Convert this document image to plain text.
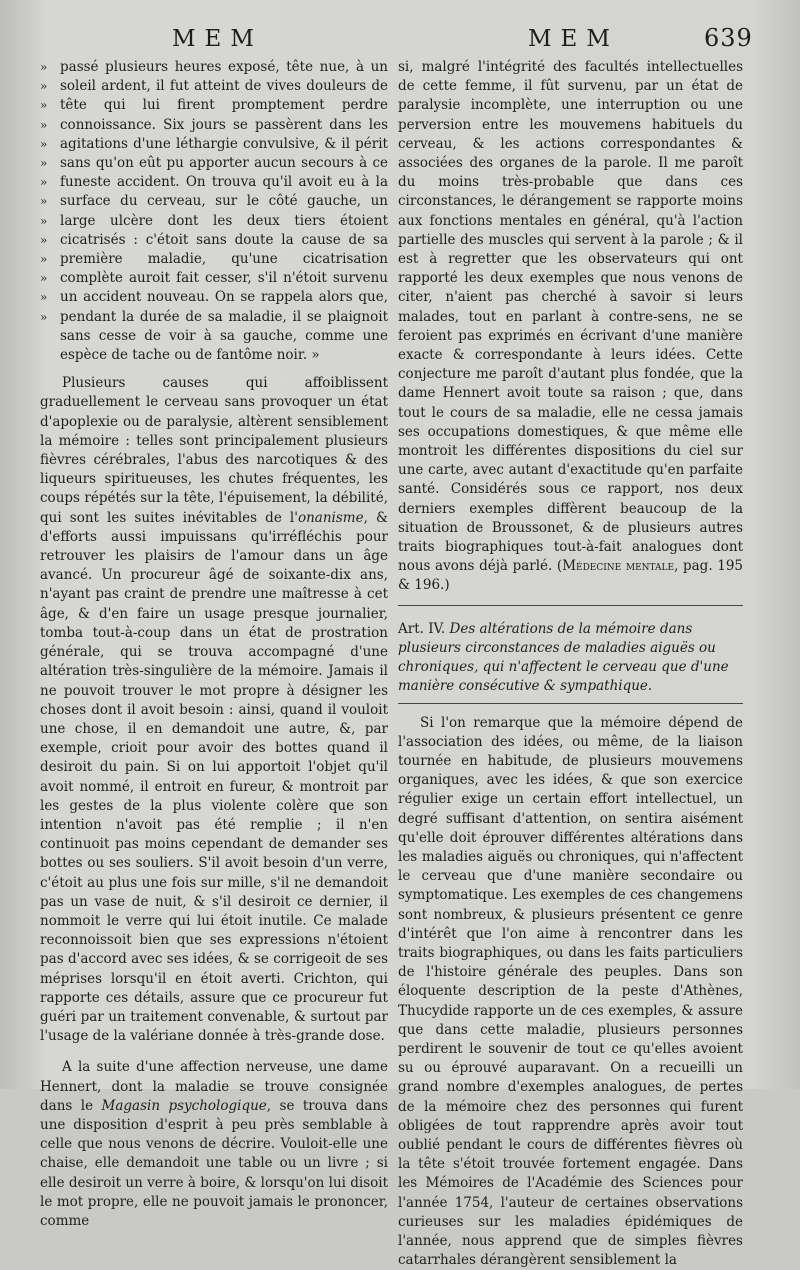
MEM	MEM	639

»
»
»
»
»
»
»
»
»
»
»
»
»
»
passé plusieurs heures exposé, tête nue, à un soleil ardent, il fut atteint de vives douleurs de tête qui lui firent promptement perdre connoissance. Six jours se passèrent dans les agitations d'une léthargie convulsive, & il périt sans qu'on eût pu apporter aucun secours à ce funeste accident. On trouva qu'il avoit eu à la surface du cerveau, sur le côté gauche, un large ulcère dont les deux tiers étoient cicatrisés : c'étoit sans doute la cause de sa première maladie, qu'une cicatrisation complète auroit fait cesser, s'il n'étoit survenu un accident nouveau. On se rappela alors que, pendant la durée de sa maladie, il se plaignoit sans cesse de voir à sa gauche, comme une espèce de tache ou de fantôme noir. »

Plusieurs causes qui affoiblissent graduellement le cerveau sans provoquer un état d'apoplexie ou de paralysie, altèrent sensiblement la mémoire : telles sont principalement plusieurs fièvres cérébrales, l'abus des narcotiques & des liqueurs spiritueuses, les chutes fréquentes, les coups répétés sur la tête, l'épuisement, la débilité, qui sont les suites inévitables de l'onanisme, & d'efforts aussi impuissans qu'irréfléchis pour retrouver les plaisirs de l'amour dans un âge avancé. Un procureur âgé de soixante-dix ans, n'ayant pas craint de prendre une maîtresse à cet âge, & d'en faire un usage presque journalier, tomba tout-à-coup dans un état de prostration générale, qui se trouva accompagné d'une altération très-singulière de la mémoire. Jamais il ne pouvoit trouver le mot propre à désigner les choses dont il avoit besoin : ainsi, quand il vouloit une chose, il en demandoit une autre, &, par exemple, crioit pour avoir des bottes quand il desiroit du pain. Si on lui apportoit l'objet qu'il avoit nommé, il entroit en fureur, & montroit par les gestes de la plus violente colère que son intention n'avoit pas été remplie ; il n'en continuoit pas moins cependant de demander ses bottes ou ses souliers. S'il avoit besoin d'un verre, c'étoit au plus une fois sur mille, s'il ne demandoit pas un vase de nuit, & s'il desiroit ce dernier, il nommoit le verre qui lui étoit inutile. Ce malade reconnoissoit bien que ses expressions n'étoient pas d'accord avec ses idées, & se corrigeoit de ses méprises lorsqu'il en étoit averti. Crichton, qui rapporte ces détails, assure que ce procureur fut guéri par un traitement convenable, & surtout par l'usage de la valériane donnée à très-grande dose.

A la suite d'une affection nerveuse, une dame Hennert, dont la maladie se trouve consignée dans le Magasin psychologique, se trouva dans une disposition d'esprit à peu près semblable à celle que nous venons de décrire. Vouloit-elle une chaise, elle demandoit une table ou un livre ; si elle desiroit un verre à boire, & lorsqu'on lui disoit le mot propre, elle ne pouvoit jamais le prononcer, comme

si, malgré l'intégrité des facultés intellectuelles de cette femme, il fût survenu, par un état de paralysie incomplète, une interruption ou une perversion entre les mouvemens habituels du cerveau, & les actions correspondantes & associées des organes de la parole. Il me paroît du moins très-probable que dans ces circonstances, le dérangement se rapporte moins aux fonctions mentales en général, qu'à l'action partielle des muscles qui servent à la parole ; & il est à regretter que les observateurs qui ont rapporté les deux exemples que nous venons de citer, n'aient pas cherché à savoir si leurs malades, tout en parlant à contre-sens, ne se feroient pas exprimés en écrivant d'une manière exacte & correspondante à leurs idées. Cette conjecture me paroît d'autant plus fondée, que la dame Hennert avoit toute sa raison ; que, dans tout le cours de sa maladie, elle ne cessa jamais ses occupations domestiques, & que même elle montroit les différentes dispositions du ciel sur une carte, avec autant d'exactitude qu'en parfaite santé. Considérés sous ce rapport, nos deux derniers exemples diffèrent beaucoup de la situation de Broussonet, & de plusieurs autres traits biographiques tout-à-fait analogues dont nous avons déjà parlé. (Médecine mentale, pag. 195 & 196.)

Art. IV. Des altérations de la mémoire dans plusieurs circonstances de maladies aiguës ou chroniques, qui n'affectent le cerveau que d'une manière consécutive & sympathique.

Si l'on remarque que la mémoire dépend de l'association des idées, ou même, de la liaison tournée en habitude, de plusieurs mouvemens organiques, avec les idées, & que son exercice régulier exige un certain effort intellectuel, un degré suffisant d'attention, on sentira aisément qu'elle doit éprouver différentes altérations dans les maladies aiguës ou chroniques, qui n'affectent le cerveau que d'une manière secondaire ou symptomatique. Les exemples de ces changemens sont nombreux, & plusieurs présentent ce genre d'intérêt que l'on aime à rencontrer dans les traits biographiques, ou dans les faits particuliers de l'histoire générale des peuples. Dans son éloquente description de la peste d'Athènes, Thucydide rapporte un de ces exemples, & assure que dans cette maladie, plusieurs personnes perdirent le souvenir de tout ce qu'elles avoient su ou éprouvé auparavant. On a recueilli un grand nombre d'exemples analogues, de pertes de la mémoire chez des personnes qui furent obligées de tout rapprendre après avoir tout oublié pendant le cours de différentes fièvres où la tête s'étoit trouvée fortement engagée. Dans les Mémoires de l'Académie des Sciences pour l'année 1754, l'auteur de certaines observations curieuses sur les maladies épidémiques de l'année, nous apprend que de simples fièvres catarrhales dérangèrent sensiblement la
